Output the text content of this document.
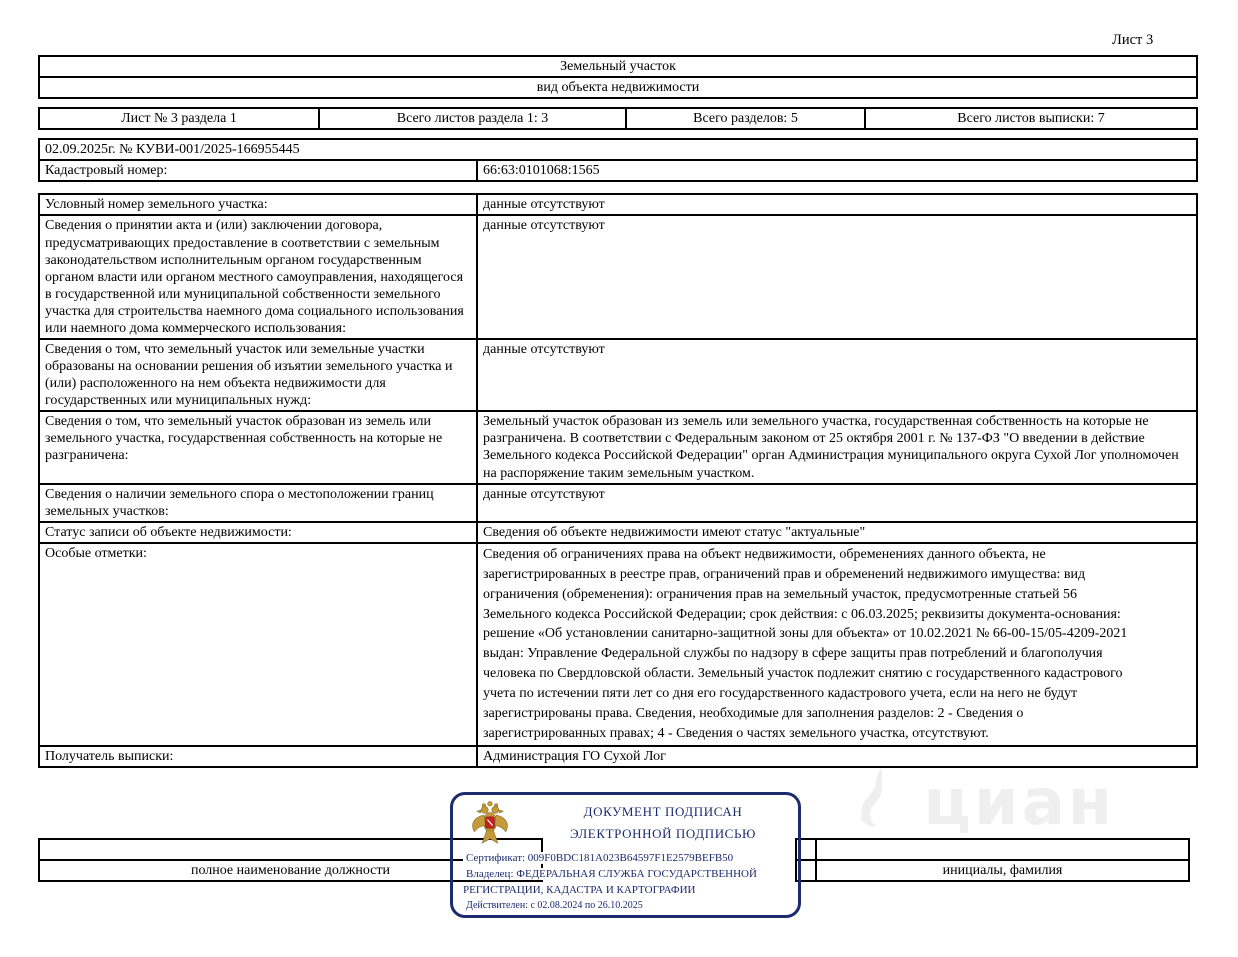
циан
Лист 3
Земельный участок
вид объекта недвижимости
Лист № 3 раздела 1	Всего листов раздела 1: 3	Всего разделов: 5	Всего листов выписки: 7
02.09.2025г. № КУВИ-001/2025-166955445
Кадастровый номер:	66:63:0101068:1565
Условный номер земельного участка:	данные отсутствуют
Сведения о принятии акта и (или) заключении договора, предусматривающих предоставление в соответствии с земельным законодательством исполнительным органом государственным органом власти или органом местного самоуправления, находящегося в государственной или муниципальной собственности земельного участка для строительства наемного дома социального использования или наемного дома коммерческого использования:	данные отсутствуют
Сведения о том, что земельный участок или земельные участки образованы на основании решения об изъятии земельного участка и (или) расположенного на нем объекта недвижимости для государственных или муниципальных нужд:	данные отсутствуют
Сведения о том, что земельный участок образован из земель или земельного участка, государственная собственность на которые не разграничена:	Земельный участок образован из земель или земельного участка, государственная собственность на которые не разграничена. В соответствии с Федеральным законом от 25 октября 2001 г. № 137-ФЗ "О введении в действие Земельного кодекса Российской Федерации" орган Администрация муниципального округа Сухой Лог уполномочен на распоряжение таким земельным участком.
Сведения о наличии земельного спора о местоположении границ земельных участков:	данные отсутствуют
Статус записи об объекте недвижимости:	Сведения об объекте недвижимости имеют статус "актуальные"
Особые отметки:	Сведения об ограничениях права на объект недвижимости, обременениях данного объекта, не зарегистрированных в реестре прав, ограничений прав и обременений недвижимого имущества: вид ограничения (обременения): ограничения прав на земельный участок, предусмотренные статьей 56 Земельного кодекса Российской Федерации; срок действия: с 06.03.2025; реквизиты документа-основания: решение «Об установлении санитарно-защитной зоны для объекта» от 10.02.2021 № 66-00-15/05-4209-2021 выдан: Управление Федеральной службы по надзору в сфере защиты прав потреблений и благополучия человека по Свердловской области. Земельный участок подлежит снятию с государственного кадастрового учета по истечении пяти лет со дня его государственного кадастрового учета, если на него не будут зарегистрированы права. Сведения, необходимые для заполнения разделов: 2 - Сведения о зарегистрированных правах; 4 - Сведения о частях земельного участка, отсутствуют.
Получатель выписки:	Администрация ГО Сухой Лог

полное наименование должности

		инициалы, фамилия
ДОКУМЕНТ ПОДПИСАН
ЭЛЕКТРОННОЙ ПОДПИСЬЮ
Сертификат: 009F0BDC181A023B64597F1E2579BEFB50
Владелец: ФЕДЕРАЛЬНАЯ СЛУЖБА ГОСУДАРСТВЕННОЙ РЕГИСТРАЦИИ, КАДАСТРА И КАРТОГРАФИИ
Действителен: с 02.08.2024 по 26.10.2025
